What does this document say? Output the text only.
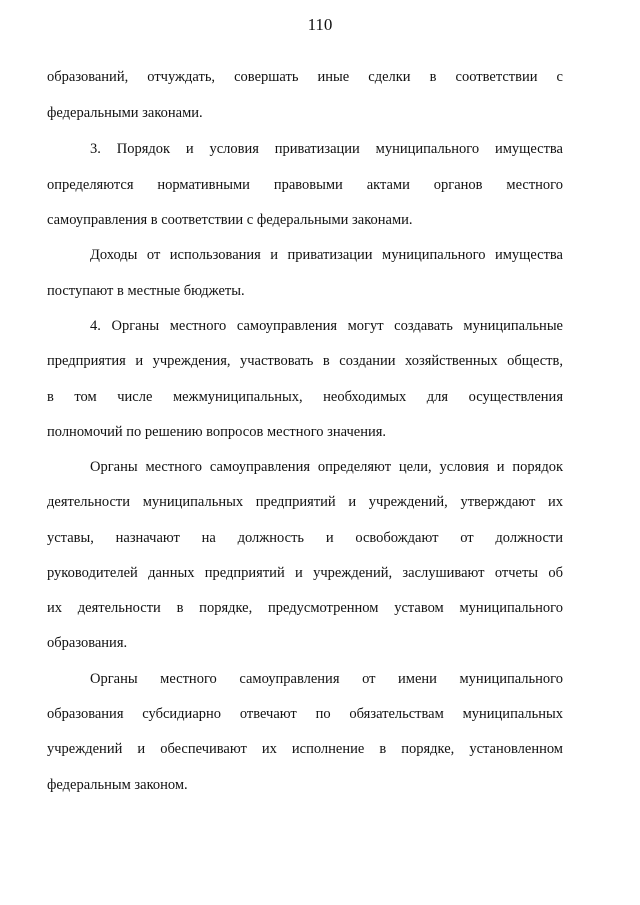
110
образований, отчуждать, совершать иные сделки в соответствии с
федеральными законами.
3. Порядок и условия приватизации муниципального имущества
определяются нормативными правовыми актами органов местного
самоуправления в соответствии с федеральными законами.
Доходы от использования и приватизации муниципального имущества
поступают в местные бюджеты.
4. Органы местного самоуправления могут создавать муниципальные
предприятия и учреждения, участвовать в создании хозяйственных обществ,
в том числе межмуниципальных, необходимых для осуществления
полномочий по решению вопросов местного значения.
Органы местного самоуправления определяют цели, условия и порядок
деятельности муниципальных предприятий и учреждений, утверждают их
уставы, назначают на должность и освобождают от должности
руководителей данных предприятий и учреждений, заслушивают отчеты об
их деятельности в порядке, предусмотренном уставом муниципального
образования.
Органы местного самоуправления от имени муниципального
образования субсидиарно отвечают по обязательствам муниципальных
учреждений и обеспечивают их исполнение в порядке, установленном
федеральным законом.
